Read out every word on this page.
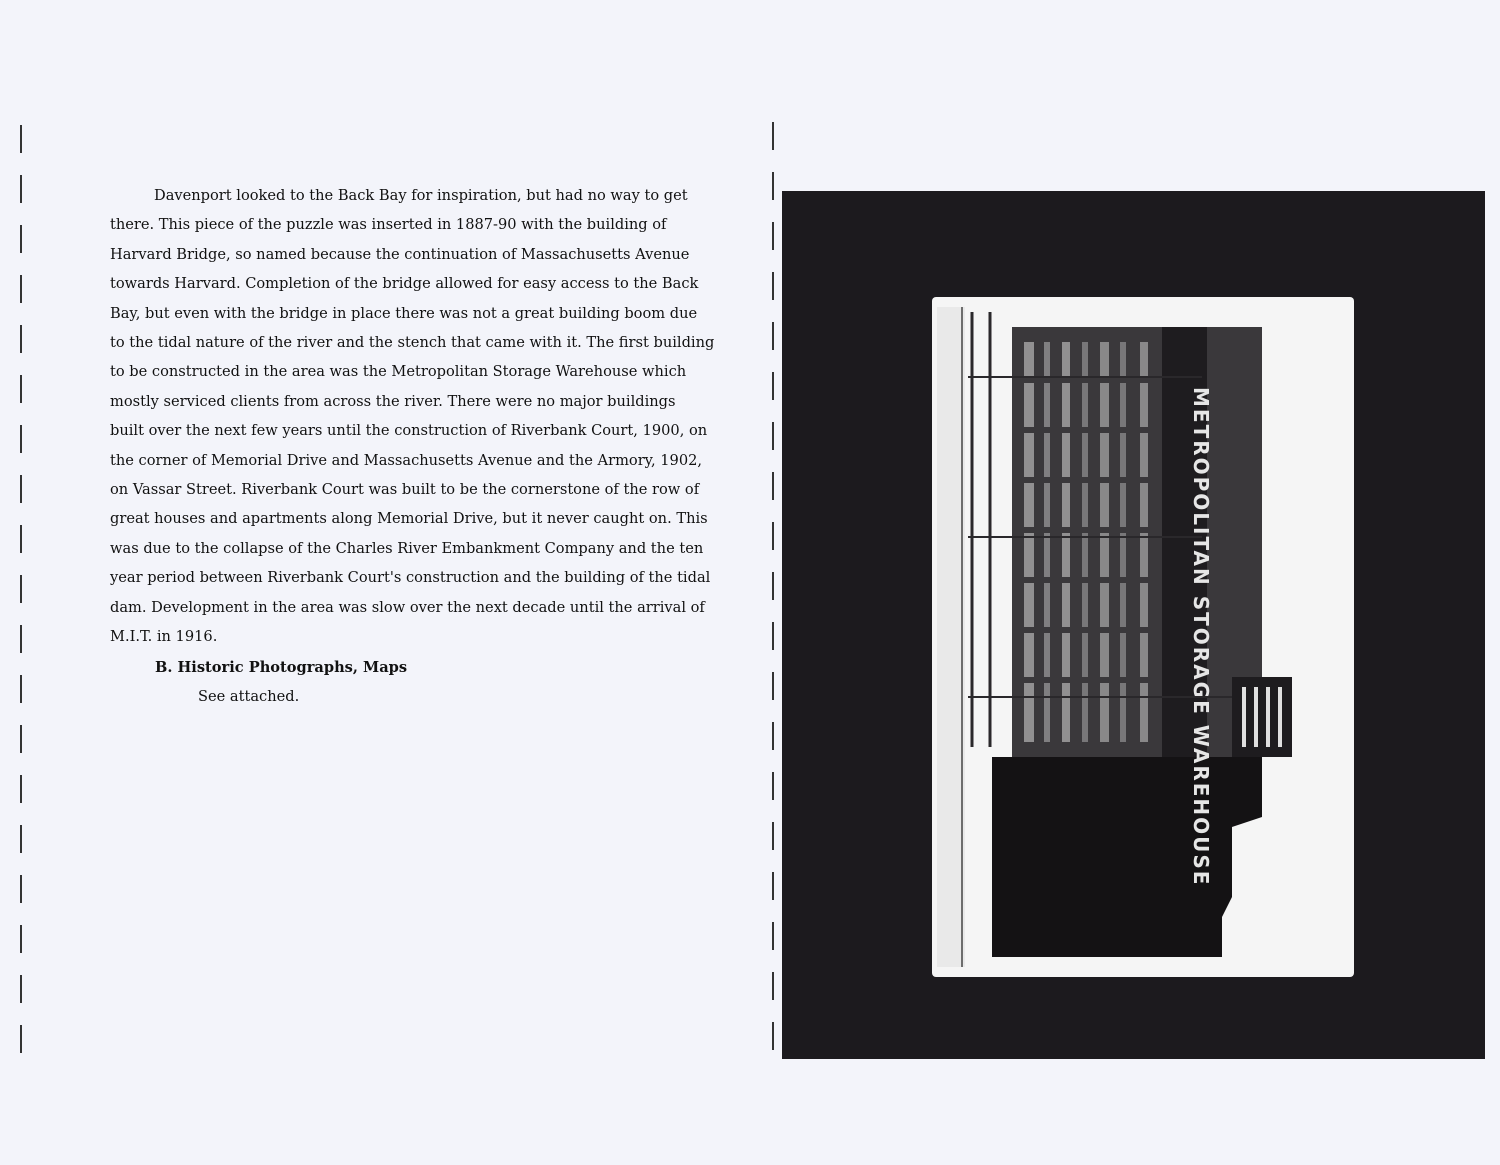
Davenport looked to the Back Bay for inspiration, but had no way to get
there. This piece of the puzzle was inserted in 1887-90 with the building of
Harvard Bridge, so named because the continuation of Massachusetts Avenue
towards Harvard. Completion of the bridge allowed for easy access to the Back
Bay, but even with the bridge in place there was not a great building boom due
to the tidal nature of the river and the stench that came with it. The first building
to be constructed in the area was the Metropolitan Storage Warehouse which
mostly serviced clients from across the river. There were no major buildings
built over the next few years until the construction of Riverbank Court, 1900, on
the corner of Memorial Drive and Massachusetts Avenue and the Armory, 1902,
on Vassar Street. Riverbank Court was built to be the cornerstone of the row of
great houses and apartments along Memorial Drive, but it never caught on. This
was due to the collapse of the Charles River Embankment Company and the ten
year period between Riverbank Court's construction and the building of the tidal
dam. Development in the area was slow over the next decade until the arrival of
M.I.T. in 1916.

B. Historic Photographs, Maps

See attached.	METROPOLITAN STORAGE WAREHOUSE
